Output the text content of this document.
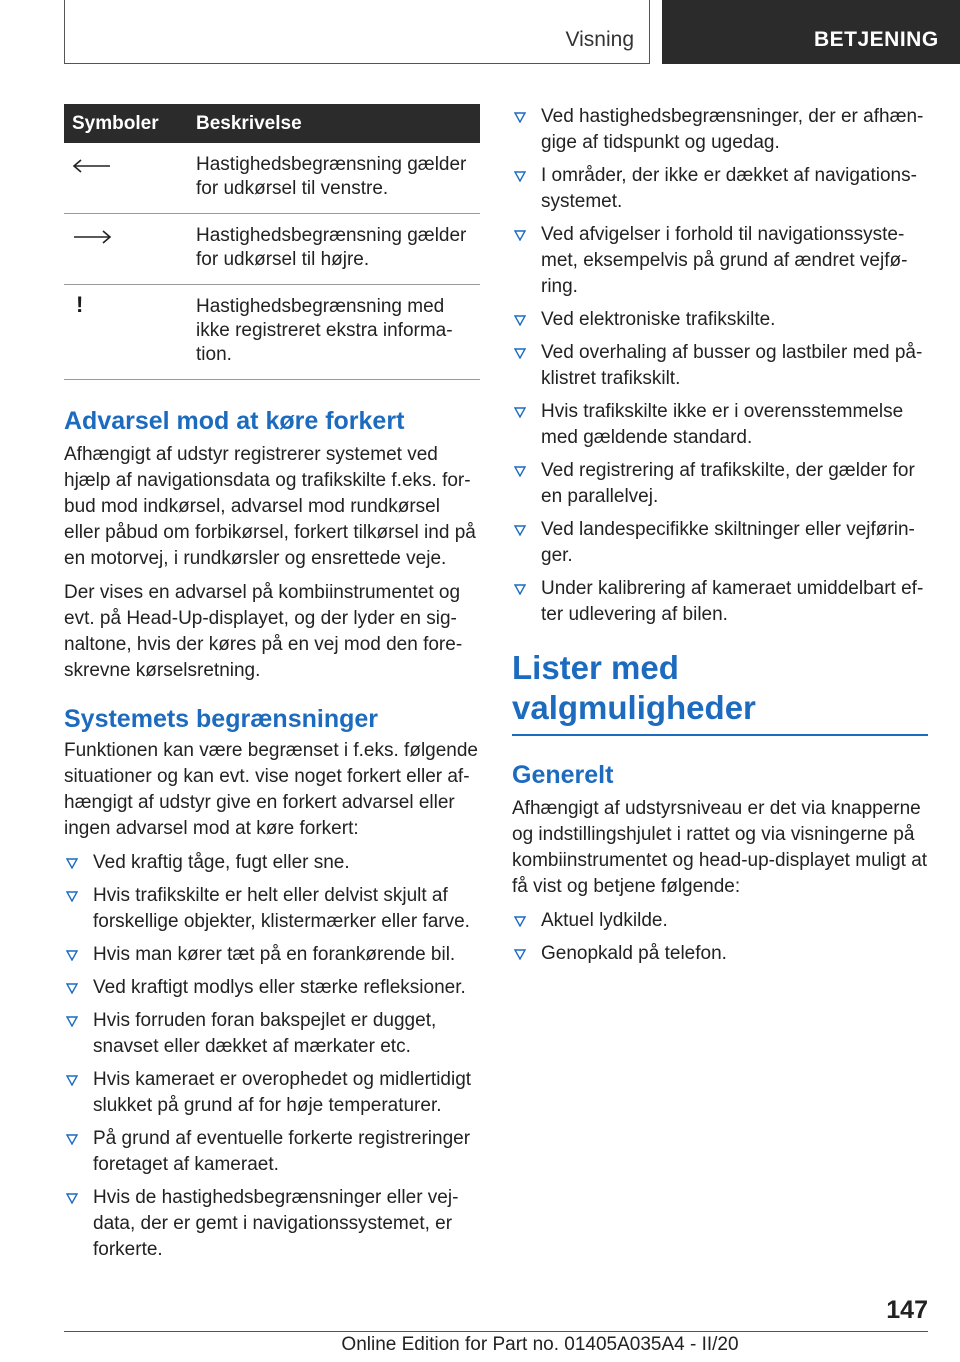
Visning	BETJENING
Symboler	Beskrivelse

	Hastighedsbegrænsning gælder for udkørsel til venstre.

	Hastighedsbegrænsning gælder for udkørsel til højre.
!	Hastighedsbegrænsning med ikke registreret ekstra informa-tion.
Advarsel mod at køre forkert

Afhængigt af udstyr registrerer systemet ved hjælp af navigationsdata og trafikskilte f.eks. for-bud mod indkørsel, advarsel mod rundkørsel eller påbud om forbikørsel, forkert tilkørsel ind på en motorvej, i rundkørsler og ensrettede veje.

Der vises en advarsel på kombiinstrumentet og evt. på Head-Up-displayet, og der lyder en sig-naltone, hvis der køres på en vej mod den fore-skrevne kørselsretning.

Systemets begrænsninger

Funktionen kan være begrænset i f.eks. følgende situationer og kan evt. vise noget forkert eller af-hængigt af udstyr give en forkert advarsel eller ingen advarsel mod at køre forkert:

Ved kraftig tåge, fugt eller sne.
Hvis trafikskilte er helt eller delvist skjult af forskellige objekter, klistermærker eller farve.
Hvis man kører tæt på en forankørende bil.
Ved kraftigt modlys eller stærke refleksioner.
Hvis forruden foran bakspejlet er dugget, snavset eller dækket af mærkater etc.
Hvis kameraet er overophedet og midlertidigt slukket på grund af for høje temperaturer.
På grund af eventuelle forkerte registreringer foretaget af kameraet.
Hvis de hastighedsbegrænsninger eller vej-data, der er gemt i navigationssystemet, er forkerte.
Ved hastighedsbegrænsninger, der er afhæn-gige af tidspunkt og ugedag.
I områder, der ikke er dækket af navigations-systemet.
Ved afvigelser i forhold til navigationssyste-met, eksempelvis på grund af ændret vejfø-ring.
Ved elektroniske trafikskilte.
Ved overhaling af busser og lastbiler med på-klistret trafikskilt.
Hvis trafikskilte ikke er i overensstemmelse med gældende standard.
Ved registrering af trafikskilte, der gælder for en parallelvej.
Ved landespecifikke skiltninger eller vejførin-ger.
Under kalibrering af kameraet umiddelbart ef-ter udlevering af bilen.
Lister med valgmuligheder
Generelt

Afhængigt af udstyrsniveau er det via knapperne og indstillingshjulet i rattet og via visningerne på kombiinstrumentet og head-up-displayet muligt at få vist og betjene følgende:

Aktuel lydkilde.
Genopkald på telefon.
147
Online Edition for Part no. 01405A035A4 - II/20
